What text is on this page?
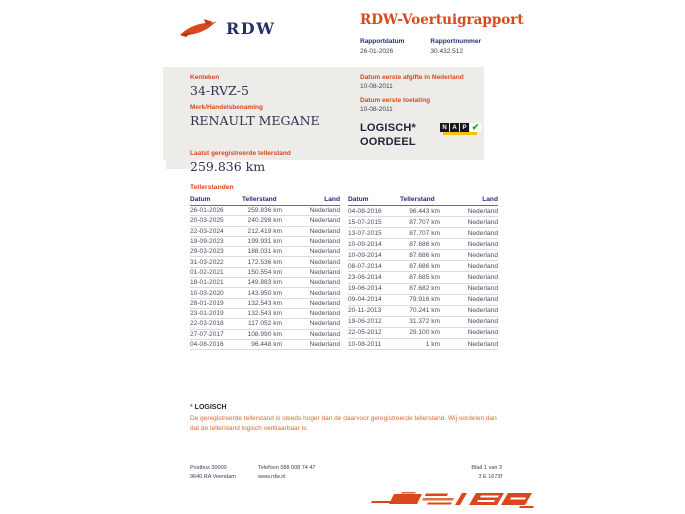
RDW	RDW-Voertuigrapport
Rapportdatum
26-01-2026
Rapportnummer
30.432.512
Kenteken
34-RVZ-5
Merk/Handelsbenaming
RENAULT MEGANE
Laatst geregistreerde tellerstand
259.836 km
Datum eerste afgifte in Nederland
10-08-2011
Datum eerste toelating
10-08-2011
LOGISCH*
OORDEEL
N A P ✔
Tellerstanden
Datum	Tellerstand	Land
26-01-2026	259.836 km	Nederland
20-03-2025	240.298 km	Nederland
22-03-2024	212.419 km	Nederland
19-09-2023	199.931 km	Nederland
29-03-2023	188.031 km	Nederland
31-03-2022	172.536 km	Nederland
01-02-2021	150.554 km	Nederland
18-01-2021	149.883 km	Nederland
10-03-2020	143.950 km	Nederland
28-01-2019	132.543 km	Nederland
23-01-2019	132.543 km	Nederland
22-03-2018	117.052 km	Nederland
27-07-2017	108.990 km	Nederland
04-08-2016	96.448 km	Nederland
Datum	Tellerstand	Land
04-08-2016	96.443 km	Nederland
15-07-2015	87.707 km	Nederland
13-07-2015	87.707 km	Nederland
10-09-2014	87.686 km	Nederland
10-09-2014	87.686 km	Nederland
08-07-2014	87.686 km	Nederland
23-06-2014	87.685 km	Nederland
19-06-2014	87.682 km	Nederland
09-04-2014	79.916 km	Nederland
20-11-2013	70.241 km	Nederland
19-06-2012	31.372 km	Nederland
22-05-2012	29.100 km	Nederland
10-08-2011	1 km	Nederland
* LOGISCH
De geregistreerde tellerstand is steeds hoger dan de daarvoor geregistreerde tellerstand. Wij oordelen dan dat de tellerstand logisch verklaarbaar is.
Postbus 30000
9640 RA Veendam
Telefoon 088 008 74 47
www.rdw.nl
Blad 1 van 3
3 E 1673f
